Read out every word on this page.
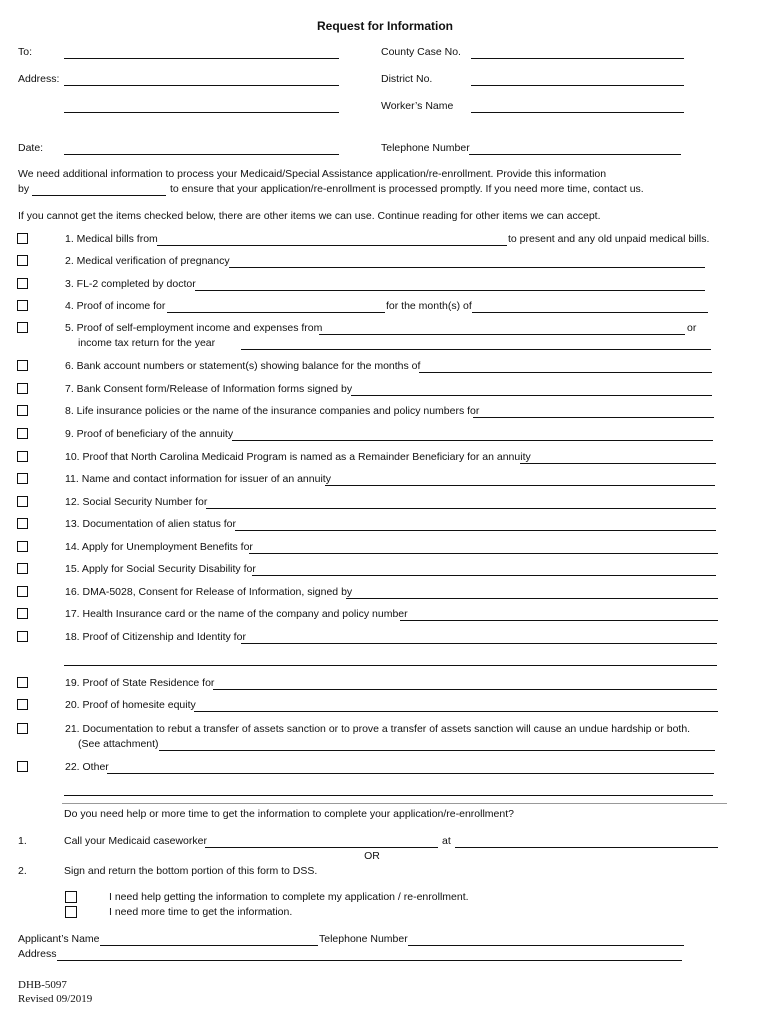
Request for Information
To:
Address:
Date:
County Case No.
District No.
Worker’s Name
Telephone Number
We need additional information to process your Medicaid/Special Assistance application/re-enrollment. Provide this information
by	to ensure that your application/re-enrollment is processed promptly. If you need more time, contact us.
If you cannot get the items checked below, there are other items we can use. Continue reading for other items we can accept.
1. Medical bills from	to present and any old unpaid medical bills.
2. Medical verification of pregnancy
3. FL-2 completed by doctor
4. Proof of income for	for the month(s) of
5. Proof of self-employment income and expenses from	or
income tax return for the year
6. Bank account numbers or statement(s) showing balance for the months of
7. Bank Consent form/Release of Information forms signed by
8. Life insurance policies or the name of the insurance companies and policy numbers for
9. Proof of beneficiary of the annuity
10. Proof that North Carolina Medicaid Program is named as a Remainder Beneficiary for an annuity
11. Name and contact information for issuer of an annuity
12. Social Security Number for
13. Documentation of alien status for
14. Apply for Unemployment Benefits for
15. Apply for Social Security Disability for
16. DMA-5028, Consent for Release of Information, signed by
17. Health Insurance card or the name of the company and policy number
18. Proof of Citizenship and Identity for
19. Proof of State Residence for
20. Proof of homesite equity
21. Documentation to rebut a transfer of assets sanction or to prove a transfer of assets sanction will cause an undue hardship or both.
(See attachment)
22. Other
Do you need help or more time to get the information to complete your application/re-enrollment?
1.	Call your Medicaid caseworker	at
OR
2.	Sign and return the bottom portion of this form to DSS.
I need help getting the information to complete my application / re-enrollment.
I need more time to get the information.
Applicant’s Name	Telephone Number
Address
DHB-5097
Revised 09/2019
